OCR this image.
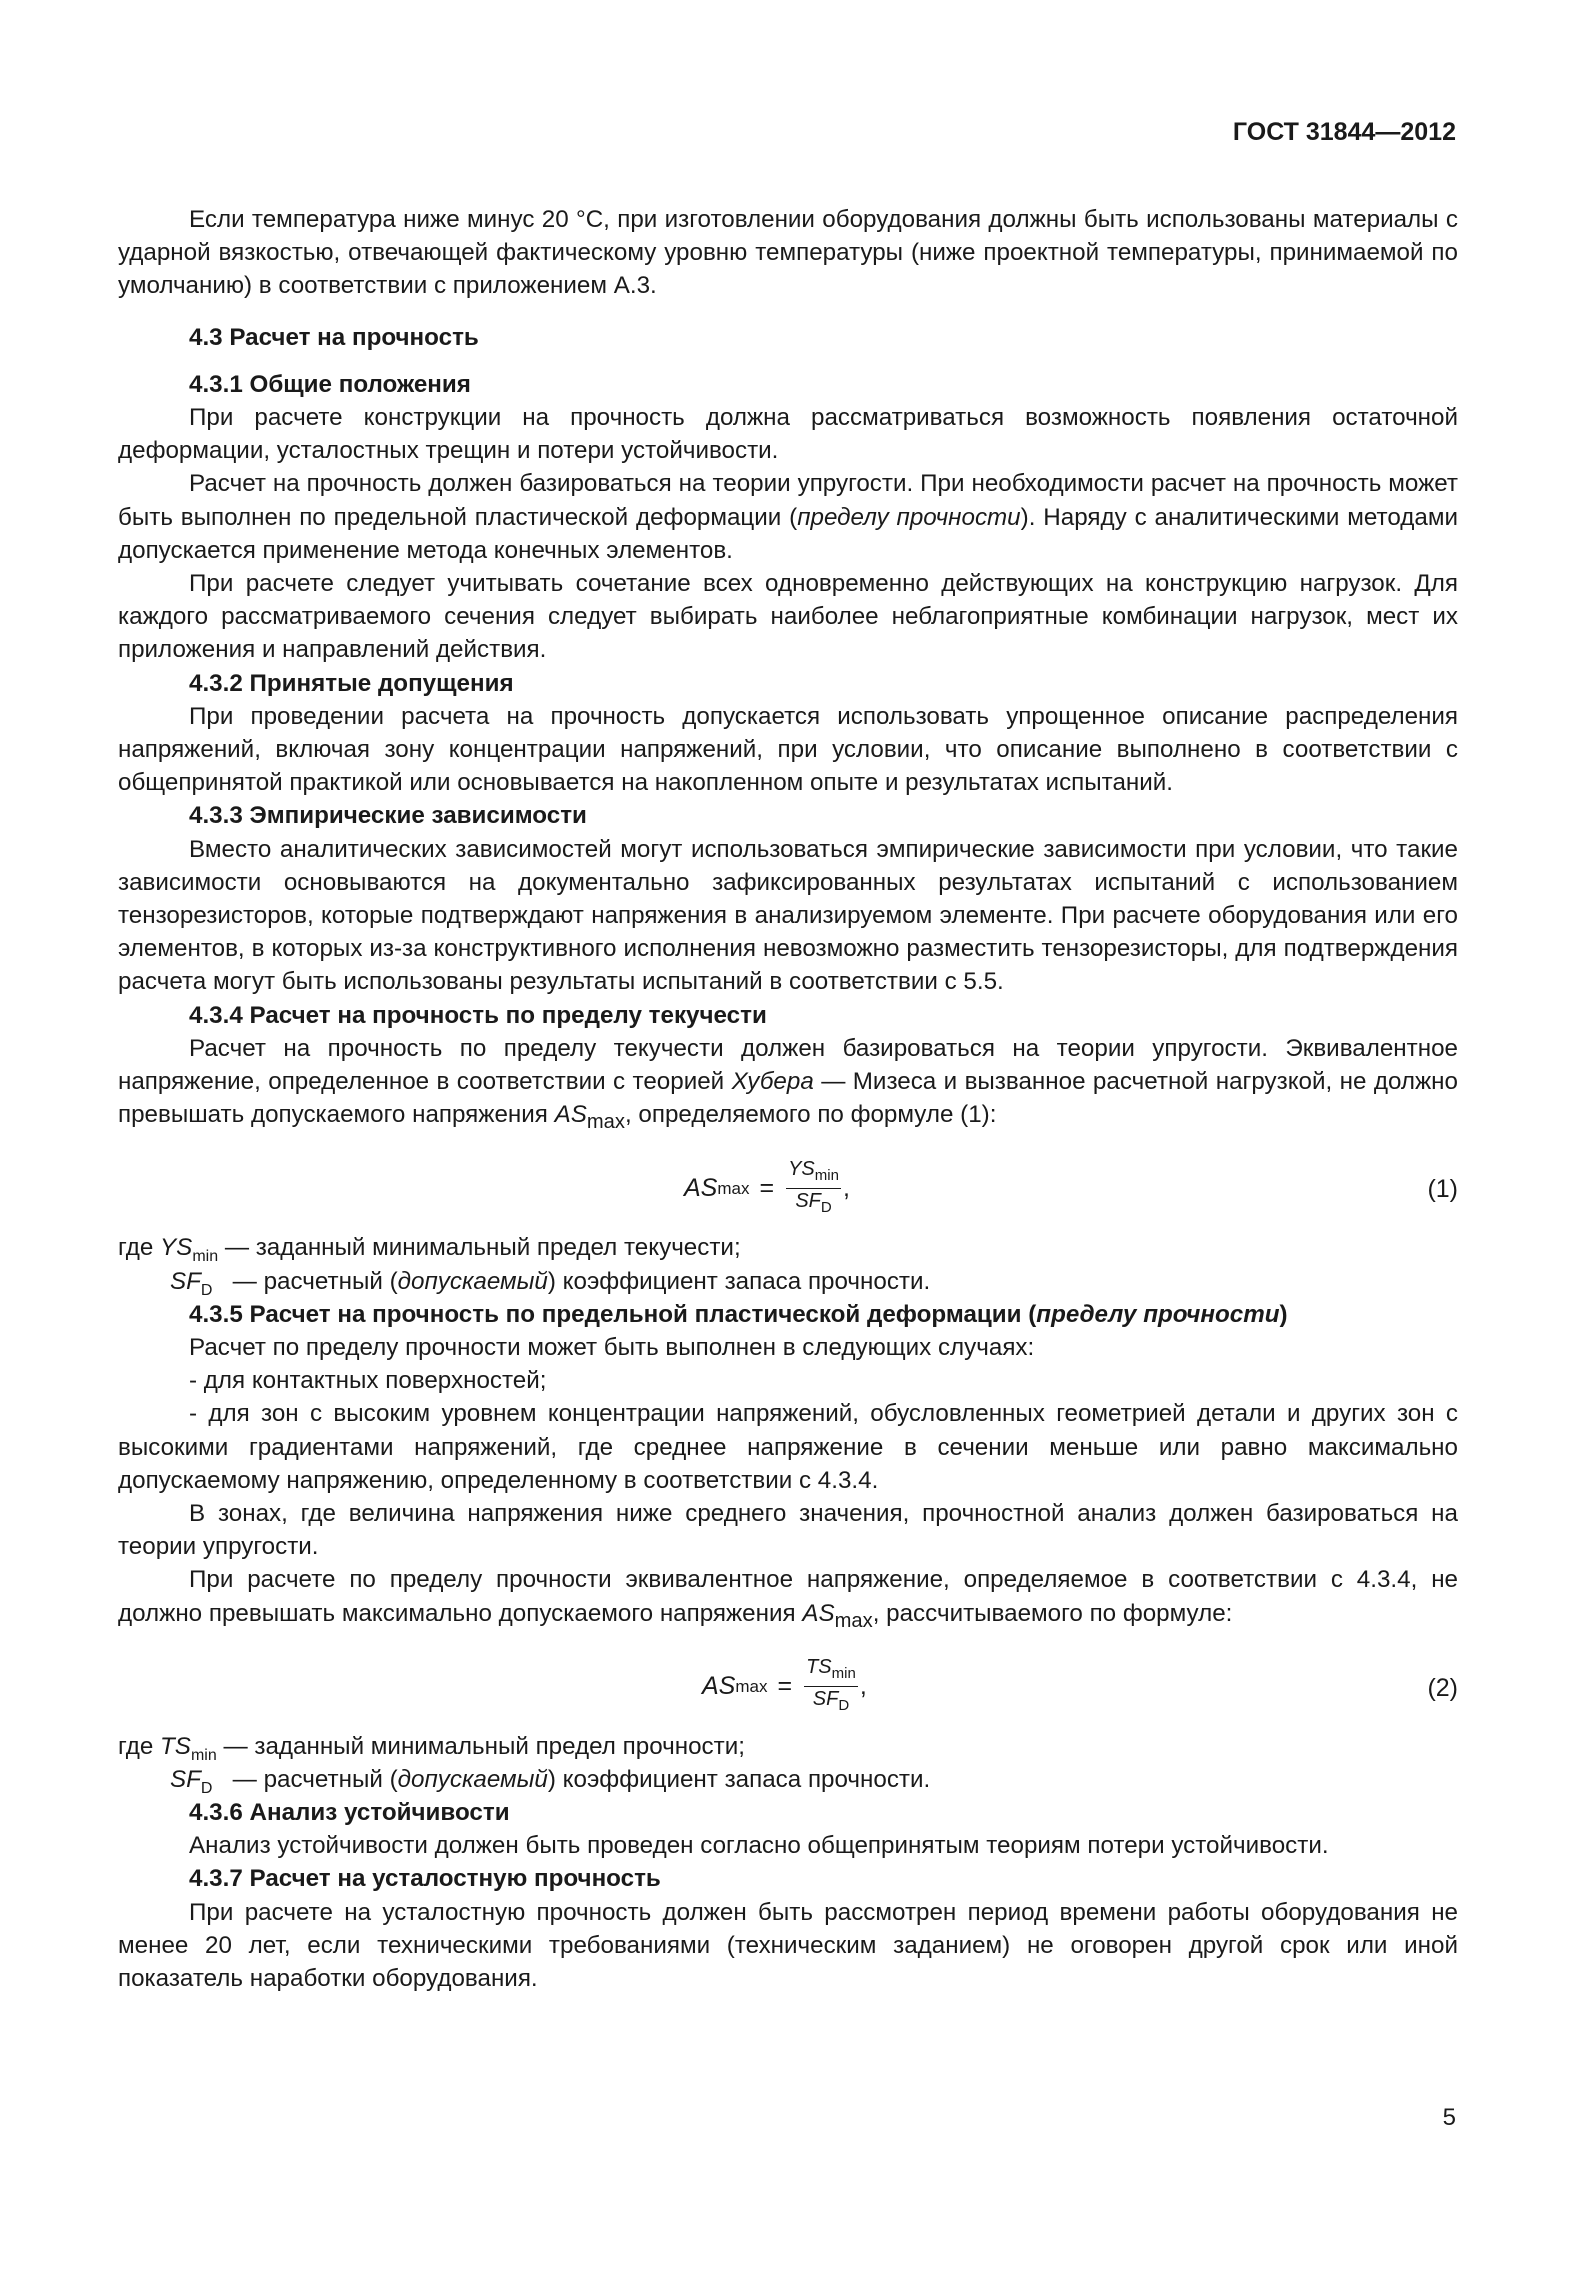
ГОСТ 31844—2012

Если температура ниже минус 20 °С, при изготовлении оборудования должны быть использованы материалы с ударной вязкостью, отвечающей фактическому уровню температуры (ниже проектной температуры, принимаемой по умолчанию) в соответствии с приложением А.3.

4.3 Расчет на прочность

4.3.1 Общие положения

При расчете конструкции на прочность должна рассматриваться возможность появления остаточной деформации, усталостных трещин и потери устойчивости.

Расчет на прочность должен базироваться на теории упругости. При необходимости расчет на прочность может быть выполнен по предельной пластической деформации (пределу прочности). Наряду с аналитическими методами допускается применение метода конечных элементов.

При расчете следует учитывать сочетание всех одновременно действующих на конструкцию нагрузок. Для каждого рассматриваемого сечения следует выбирать наиболее неблагоприятные комбинации нагрузок, мест их приложения и направлений действия.

4.3.2 Принятые допущения

При проведении расчета на прочность допускается использовать упрощенное описание распределения напряжений, включая зону концентрации напряжений, при условии, что описание выполнено в соответствии с общепринятой практикой или основывается на накопленном опыте и результатах испытаний.

4.3.3 Эмпирические зависимости

Вместо аналитических зависимостей могут использоваться эмпирические зависимости при условии, что такие зависимости основываются на документально зафиксированных результатах испытаний с использованием тензорезисторов, которые подтверждают напряжения в анализируемом элементе. При расчете оборудования или его элементов, в которых из-за конструктивного исполнения невозможно разместить тензорезисторы, для подтверждения расчета могут быть использованы результаты испытаний в соответствии с 5.5.

4.3.4 Расчет на прочность по пределу текучести

Расчет на прочность по пределу текучести должен базироваться на теории упругости. Эквивалентное напряжение, определенное в соответствии с теорией Хубера — Мизеса и вызванное расчетной нагрузкой, не должно превышать допускаемого напряжения $AS_{max}$, определяемого по формуле (1):

AS $\max = \frac{YS_{min}}{SF_D}$ ,	(1)
где $YS_{min}$ — заданный минимальный предел текучести;
$SF_D$ — расчетный (допускаемый) коэффициент запаса прочности.

4.3.5 Расчет на прочность по предельной пластической деформации (пределу прочности)

Расчет по пределу прочности может быть выполнен в следующих случаях:

- для контактных поверхностей;

- для зон с высоким уровнем концентрации напряжений, обусловленных геометрией детали и других зон с высокими градиентами напряжений, где среднее напряжение в сечении меньше или равно максимально допускаемому напряжению, определенному в соответствии с 4.3.4.

В зонах, где величина напряжения ниже среднего значения, прочностной анализ должен базироваться на теории упругости.

При расчете по пределу прочности эквивалентное напряжение, определяемое в соответствии с 4.3.4, не должно превышать максимально допускаемого напряжения $AS_{max}$, рассчитываемого по формуле:

AS $\max = \frac{TS_{min}}{SF_D}$ ,	(2)
где $TS_{min}$ — заданный минимальный предел прочности;
$SF_D$ — расчетный (допускаемый) коэффициент запаса прочности.

4.3.6 Анализ устойчивости

Анализ устойчивости должен быть проведен согласно общепринятым теориям потери устойчивости.

4.3.7 Расчет на усталостную прочность

При расчете на усталостную прочность должен быть рассмотрен период времени работы оборудования не менее 20 лет, если техническими требованиями (техническим заданием) не оговорен другой срок или иной показатель наработки оборудования.

5
